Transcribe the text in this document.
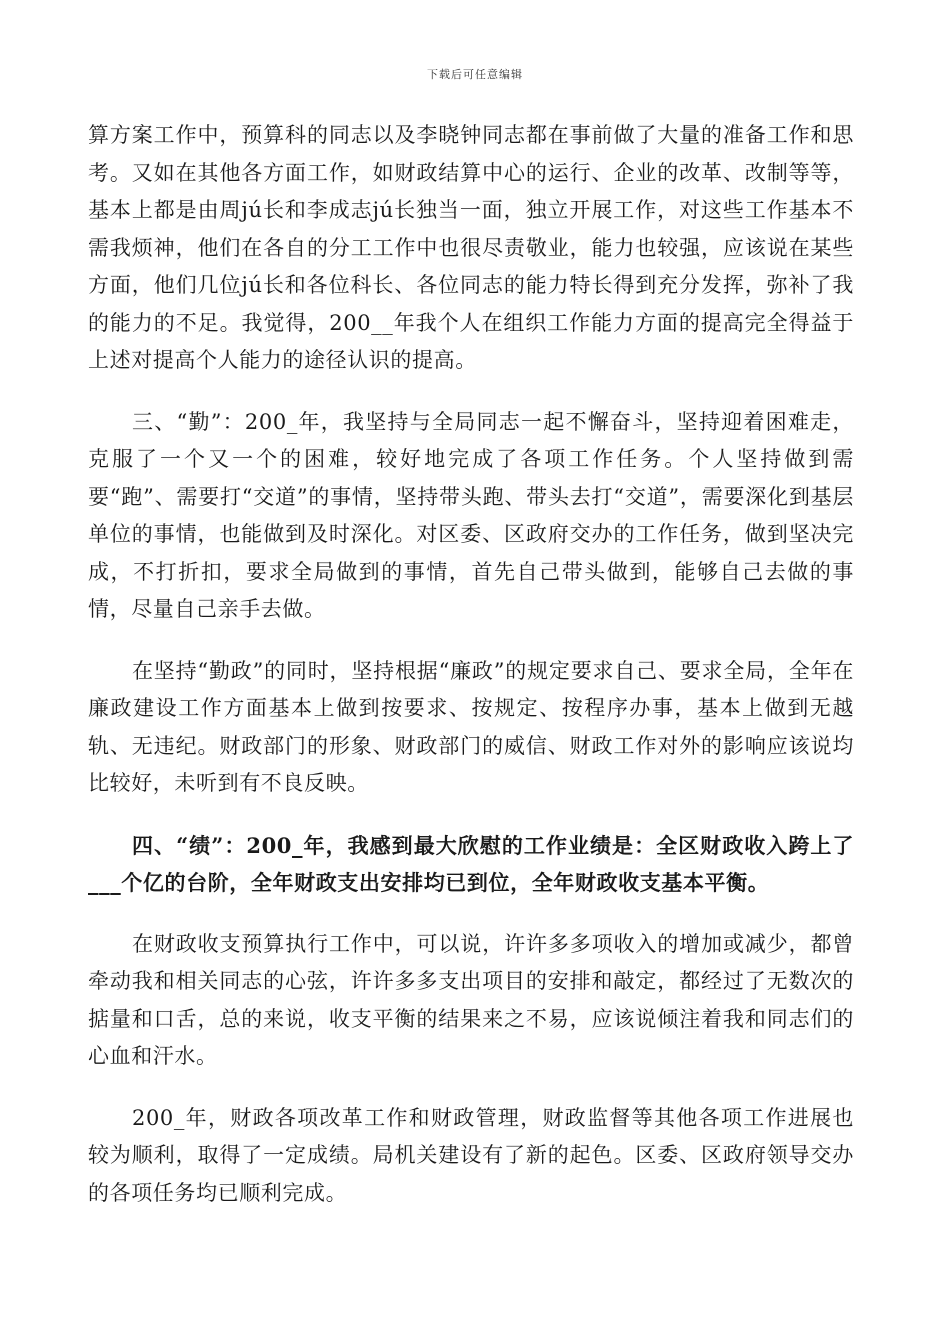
下载后可任意编辑

算方案工作中，预算科的同志以及李晓钟同志都在事前做了大量的准备工作和思考。又如在其他各方面工作，如财政结算中心的运行、企业的改革、改制等等，基本上都是由周jú长和李成志jú长独当一面，独立开展工作，对这些工作基本不需我烦神，他们在各自的分工工作中也很尽责敬业，能力也较强，应该说在某些方面，他们几位jú长和各位科长、各位同志的能力特长得到充分发挥，弥补了我的能力的不足。我觉得，200__年我个人在组织工作能力方面的提高完全得益于上述对提高个人能力的途径认识的提高。

三、“勤”：200_年，我坚持与全局同志一起不懈奋斗，坚持迎着困难走，克服了一个又一个的困难，较好地完成了各项工作任务。个人坚持做到需要“跑”、需要打“交道”的事情，坚持带头跑、带头去打“交道”，需要深化到基层单位的事情，也能做到及时深化。对区委、区政府交办的工作任务，做到坚决完成，不打折扣，要求全局做到的事情，首先自己带头做到，能够自己去做的事情，尽量自己亲手去做。

在坚持“勤政”的同时，坚持根据“廉政”的规定要求自己、要求全局，全年在廉政建设工作方面基本上做到按要求、按规定、按程序办事，基本上做到无越轨、无违纪。财政部门的形象、财政部门的威信、财政工作对外的影响应该说均比较好，未听到有不良反映。

四、“绩”：200_年，我感到最大欣慰的工作业绩是：全区财政收入跨上了___个亿的台阶，全年财政支出安排均已到位，全年财政收支基本平衡。

在财政收支预算执行工作中，可以说，许许多多项收入的增加或减少，都曾牵动我和相关同志的心弦，许许多多支出项目的安排和敲定，都经过了无数次的掂量和口舌，总的来说，收支平衡的结果来之不易，应该说倾注着我和同志们的心血和汗水。

200_年，财政各项改革工作和财政管理，财政监督等其他各项工作进展也较为顺利，取得了一定成绩。局机关建设有了新的起色。区委、区政府领导交办的各项任务均已顺利完成。
